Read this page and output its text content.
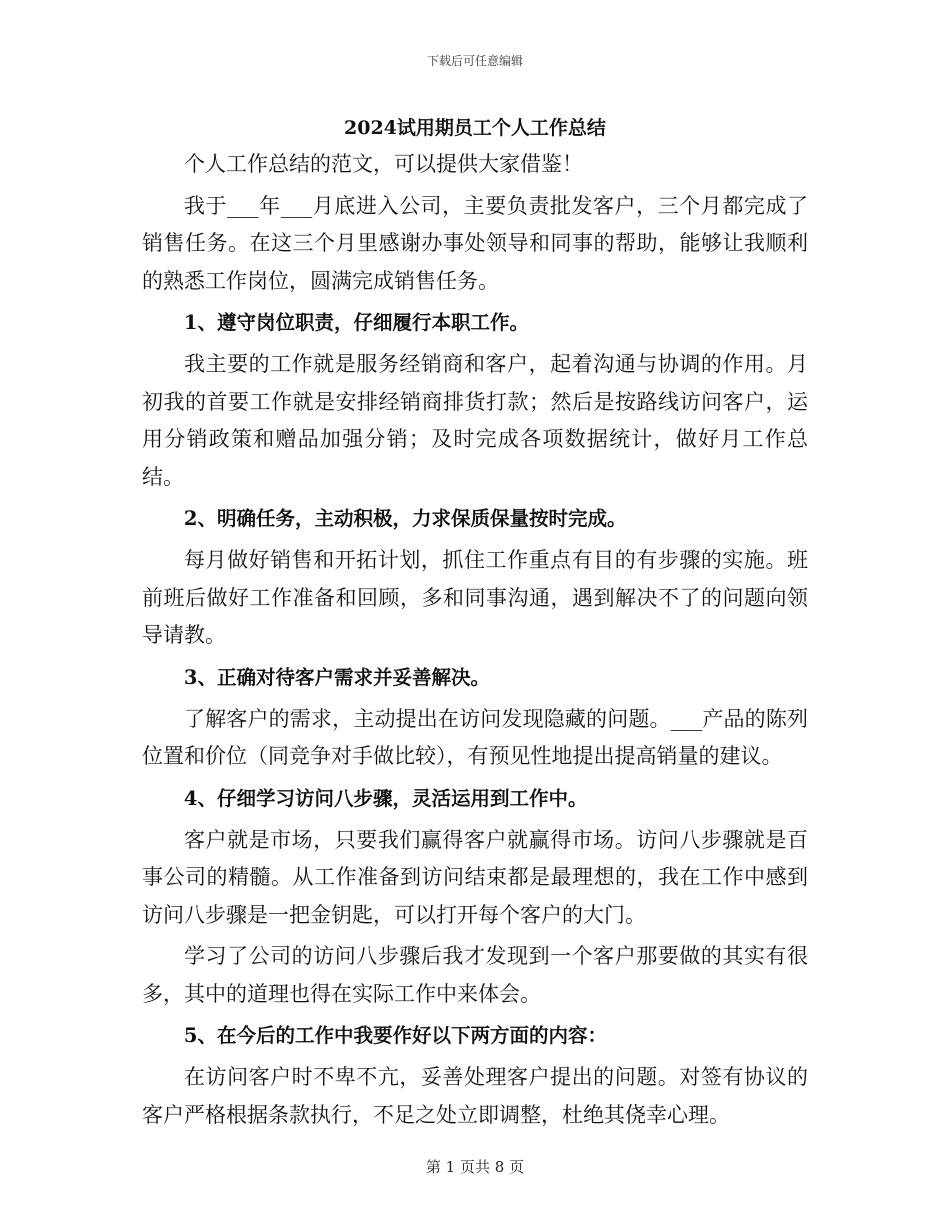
下载后可任意编辑
2024试用期员工个人工作总结

个人工作总结的范文，可以提供大家借鉴！

我于___年___月底进入公司，主要负责批发客户，三个月都完成了销售任务。在这三个月里感谢办事处领导和同事的帮助，能够让我顺利的熟悉工作岗位，圆满完成销售任务。

1、遵守岗位职责，仔细履行本职工作。

我主要的工作就是服务经销商和客户，起着沟通与协调的作用。月初我的首要工作就是安排经销商排货打款；然后是按路线访问客户，运用分销政策和赠品加强分销；及时完成各项数据统计，做好月工作总结。

2、明确任务，主动积极，力求保质保量按时完成。

每月做好销售和开拓计划，抓住工作重点有目的有步骤的实施。班前班后做好工作准备和回顾，多和同事沟通，遇到解决不了的问题向领导请教。

3、正确对待客户需求并妥善解决。

了解客户的需求，主动提出在访问发现隐藏的问题。___产品的陈列位置和价位（同竞争对手做比较），有预见性地提出提高销量的建议。

4、仔细学习访问八步骤，灵活运用到工作中。

客户就是市场，只要我们赢得客户就赢得市场。访问八步骤就是百事公司的精髓。从工作准备到访问结束都是最理想的，我在工作中感到访问八步骤是一把金钥匙，可以打开每个客户的大门。

学习了公司的访问八步骤后我才发现到一个客户那要做的其实有很多，其中的道理也得在实际工作中来体会。

5、在今后的工作中我要作好以下两方面的内容：

在访问客户时不卑不亢，妥善处理客户提出的问题。对签有协议的客户严格根据条款执行，不足之处立即调整，杜绝其侥幸心理。

第 1 页共 8 页
